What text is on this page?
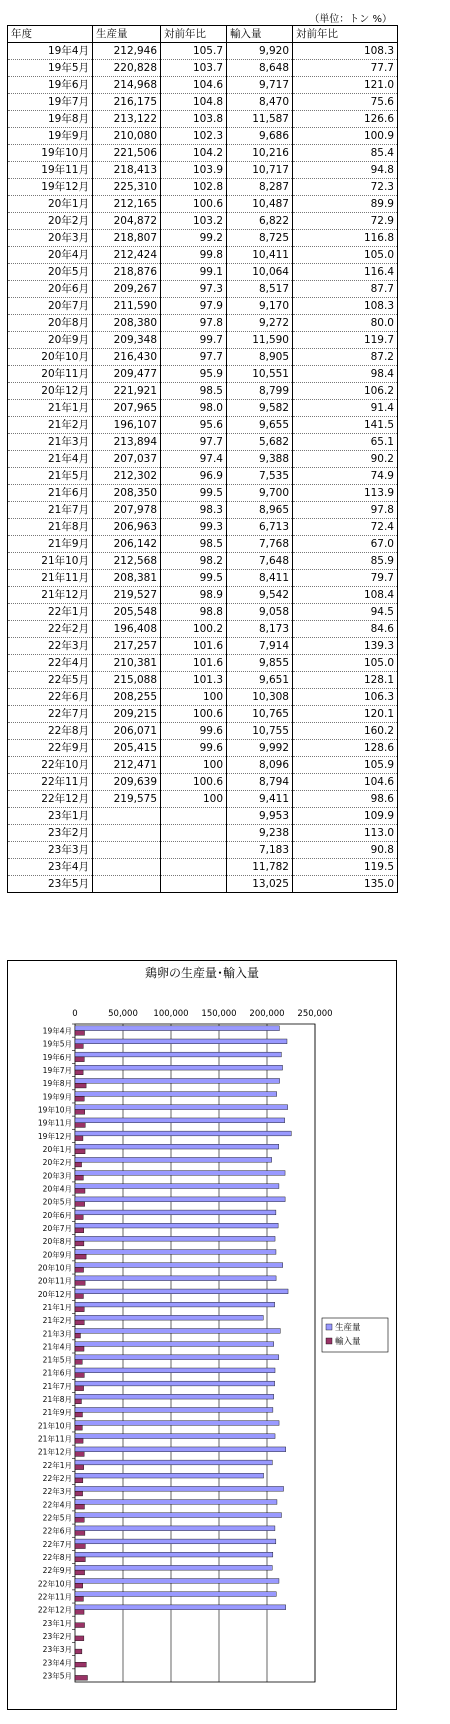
（単位：トン %）
年度	生産量	対前年比	輸入量	対前年比
19年4月	212,946	105.7	9,920	108.3
19年5月	220,828	103.7	8,648	77.7
19年6月	214,968	104.6	9,717	121.0
19年7月	216,175	104.8	8,470	75.6
19年8月	213,122	103.8	11,587	126.6
19年9月	210,080	102.3	9,686	100.9
19年10月	221,506	104.2	10,216	85.4
19年11月	218,413	103.9	10,717	94.8
19年12月	225,310	102.8	8,287	72.3
20年1月	212,165	100.6	10,487	89.9
20年2月	204,872	103.2	6,822	72.9
20年3月	218,807	99.2	8,725	116.8
20年4月	212,424	99.8	10,411	105.0
20年5月	218,876	99.1	10,064	116.4
20年6月	209,267	97.3	8,517	87.7
20年7月	211,590	97.9	9,170	108.3
20年8月	208,380	97.8	9,272	80.0
20年9月	209,348	99.7	11,590	119.7
20年10月	216,430	97.7	8,905	87.2
20年11月	209,477	95.9	10,551	98.4
20年12月	221,921	98.5	8,799	106.2
21年1月	207,965	98.0	9,582	91.4
21年2月	196,107	95.6	9,655	141.5
21年3月	213,894	97.7	5,682	65.1
21年4月	207,037	97.4	9,388	90.2
21年5月	212,302	96.9	7,535	74.9
21年6月	208,350	99.5	9,700	113.9
21年7月	207,978	98.3	8,965	97.8
21年8月	206,963	99.3	6,713	72.4
21年9月	206,142	98.5	7,768	67.0
21年10月	212,568	98.2	7,648	85.9
21年11月	208,381	99.5	8,411	79.7
21年12月	219,527	98.9	9,542	108.4
22年1月	205,548	98.8	9,058	94.5
22年2月	196,408	100.2	8,173	84.6
22年3月	217,257	101.6	7,914	139.3
22年4月	210,381	101.6	9,855	105.0
22年5月	215,088	101.3	9,651	128.1
22年6月	208,255	100	10,308	106.3
22年7月	209,215	100.6	10,765	120.1
22年8月	206,071	99.6	10,755	160.2
22年9月	205,415	99.6	9,992	128.6
22年10月	212,471	100	8,096	105.9
22年11月	209,639	100.6	8,794	104.6
22年12月	219,575	100	9,411	98.6
23年1月			9,953	109.9
23年2月			9,238	113.0
23年3月			7,183	90.8
23年4月			11,782	119.5
23年5月			13,025	135.0
鶏卵の生産量･輸入量
0	50,000 100,000 150,000 200,000 250,000
19年4月
19年5月
19年6月
19年7月
19年8月
19年9月
19年10月
19年11月
19年12月
20年1月
20年2月
20年3月
20年4月
20年5月
20年6月
20年7月
20年8月
20年9月
20年10月
20年11月
20年12月
21年1月
21年2月
21年3月
21年4月
21年5月
21年6月
21年7月
21年8月
21年9月
21年10月
21年11月
21年12月
22年1月
22年2月
22年3月
22年4月
22年5月
22年6月
22年7月
22年8月
22年9月
22年10月
22年11月
22年12月
23年1月
23年2月
23年3月
23年4月
23年5月
生産量
輸入量
